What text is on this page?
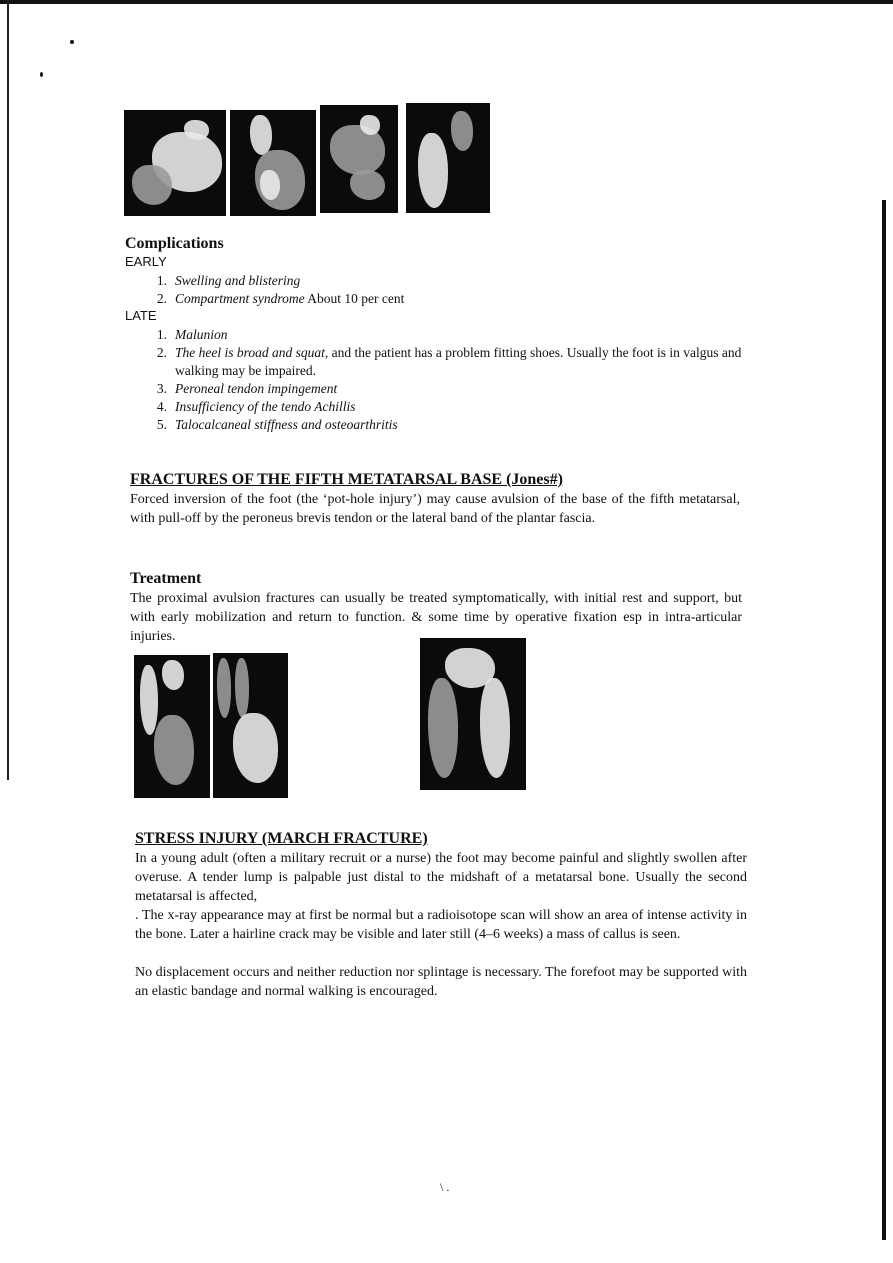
Complications

EARLY

1. Swelling and blistering
2. Compartment syndrome About 10 per cent

LATE

1. Malunion
2. The heel is broad and squat, and the patient has a problem fitting shoes. Usually the foot is in valgus and walking may be impaired.
3. Peroneal tendon impingement
4. Insufficiency of the tendo Achillis
5. Talocalcaneal stiffness and osteoarthritis
FRACTURES OF THE FIFTH METATARSAL BASE (Jones#)

Forced inversion of the foot (the ‘pot-hole injury’) may cause avulsion of the base of the fifth metatarsal, with pull-off by the peroneus brevis tendon or the lateral band of the plantar fascia.

Treatment

The proximal avulsion fractures can usually be treated symptomatically, with initial rest and support, but with early mobilization and return to function. & some time by operative fixation esp in intra-articular injuries.

STRESS INJURY (MARCH FRACTURE)

In a young adult (often a military recruit or a nurse) the foot may become painful and slightly swollen after overuse. A tender lump is palpable just distal to the midshaft of a metatarsal bone. Usually the second metatarsal is affected,

. The x-ray appearance may at first be normal but a radioisotope scan will show an area of intense activity in the bone. Later a hairline crack may be visible and later still (4–6 weeks) a mass of callus is seen.

No displacement occurs and neither reduction nor splintage is necessary. The forefoot may be supported with an elastic bandage and normal walking is encouraged.

\ .
